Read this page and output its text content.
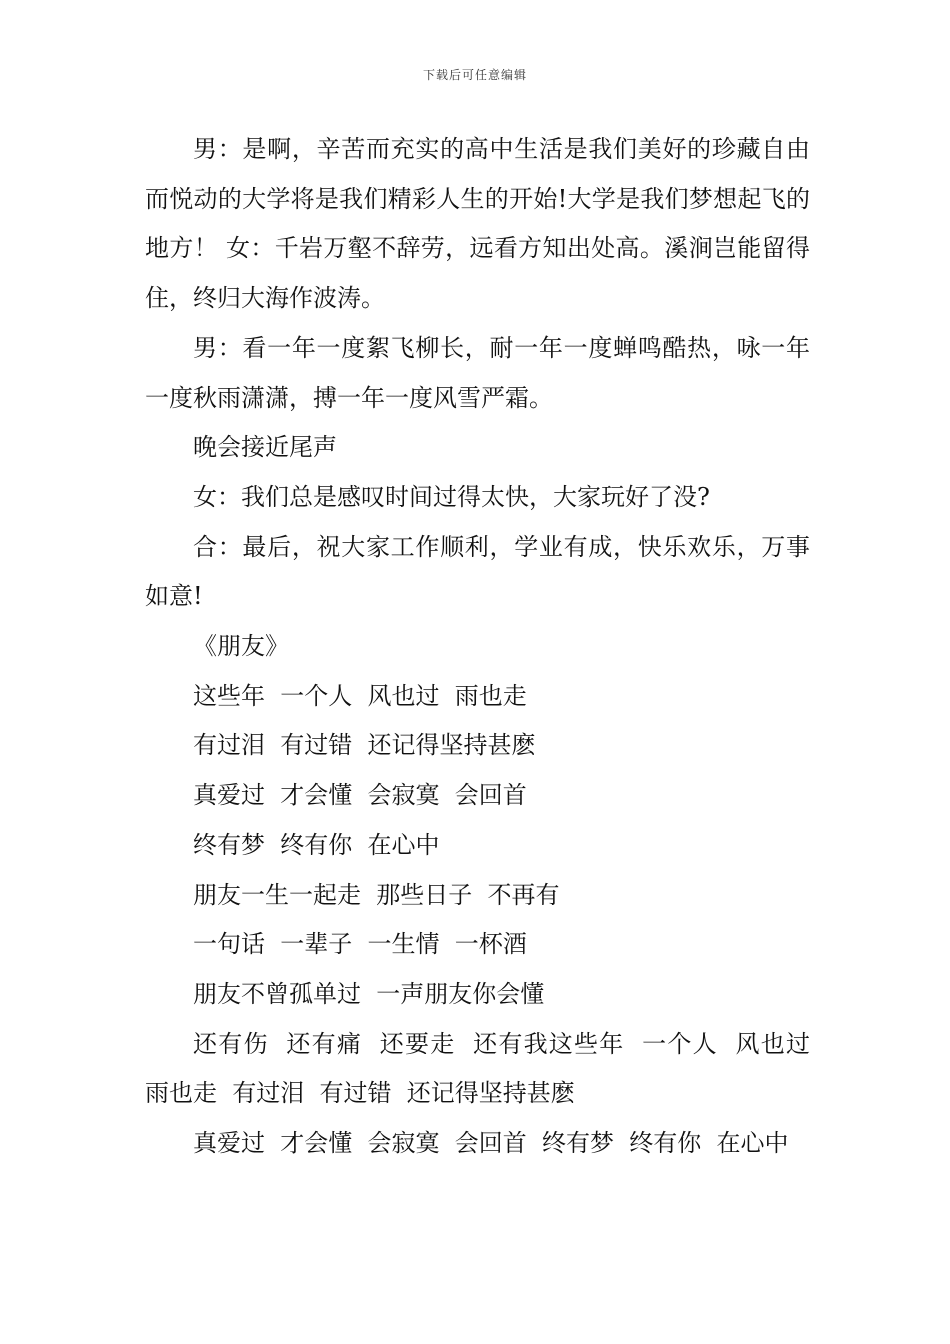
下载后可任意编辑

男：是啊，辛苦而充实的高中生活是我们美好的珍藏自由而悦动的大学将是我们精彩人生的开始!大学是我们梦想起飞的地方！ 女：千岩万壑不辞劳，远看方知出处高。溪涧岂能留得住，终归大海作波涛。

男：看一年一度絮飞柳长，耐一年一度蝉鸣酷热，咏一年一度秋雨潇潇，搏一年一度风雪严霜。

晚会接近尾声

女：我们总是感叹时间过得太快，大家玩好了没?

合：最后，祝大家工作顺利，学业有成，快乐欢乐，万事如意!

《朋友》

这些年  一个人  风也过  雨也走

有过泪  有过错  还记得坚持甚麽

真爱过  才会懂  会寂寞  会回首

终有梦  终有你  在心中

朋友一生一起走  那些日子  不再有

一句话  一辈子  一生情  一杯酒

朋友不曾孤单过  一声朋友你会懂

还有伤  还有痛  还要走  还有我这些年  一个人  风也过  雨也走  有过泪  有过错  还记得坚持甚麽

真爱过  才会懂  会寂寞  会回首  终有梦  终有你  在心中
